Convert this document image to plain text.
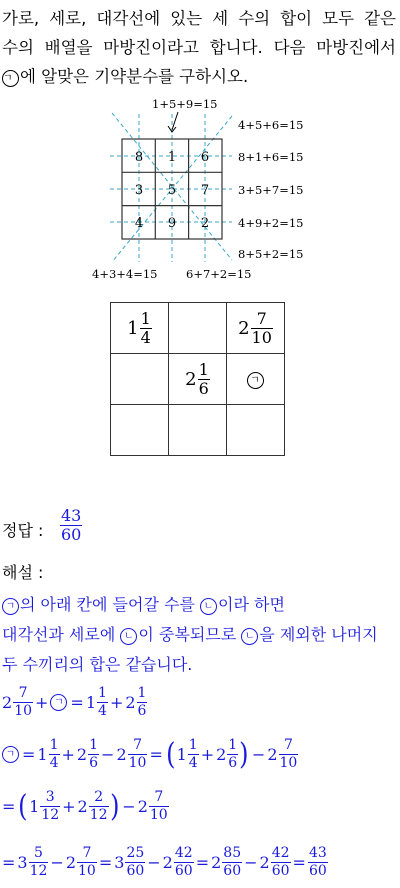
가로, 세로, 대각선에 있는 세 수의 합이 모두 같은
수의 배열을 마방진이라고 합니다. 다음 마방진에서
ㄱ 에 알맞은 기약분수를 구하시오.
8 1 6
3 5 7
4 9 2
1+5+9=15
4+5+6=15
8+1+6=15
3+5+7=15
4+9+2=15
8+5+2=15
4+3+4=15 6+7+2=15
$1 \frac{1}{4}$		$2 \frac{7}{10}$

	$2 \frac{1}{6}$	ㄱ

정답 : $\frac{43}{60}$
해설 :
ㄱ 의 아래 칸에 들어갈 수를 ㄴ 이라 하면
대각선과 세로에 ㄴ 이 중복되므로 ㄴ 을 제외한 나머지
두 수끼리의 합은 같습니다.
$2 \frac{7}{10}$ + ㄱ = $1 \frac{1}{4} + 2 \frac{1}{6}$
ㄱ = $1 \frac{1}{4} + 2 \frac{1}{6} - 2 \frac{7}{10}$ = ( $1 \frac{1}{4} + 2 \frac{1}{6}$ ) − $2 \frac{7}{10}$
= ( $1 \frac{3}{12} + 2 \frac{2}{12}$ ) − $2 \frac{7}{10}$
= $3 \frac{5}{12} - 2 \frac{7}{10} = 3 \frac{25}{60} - 2 \frac{42}{60} = 2 \frac{85}{60} - 2 \frac{42}{60} = \frac{43}{60}$
